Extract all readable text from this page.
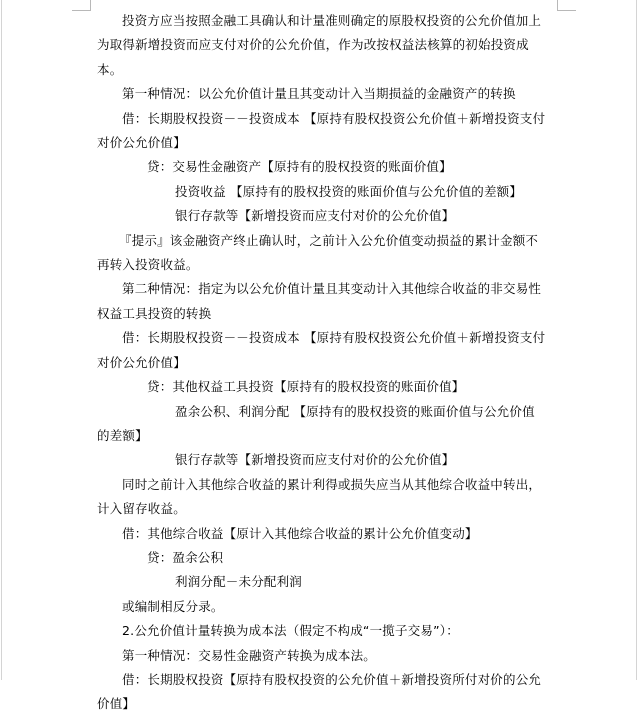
投资方应当按照金融工具确认和计量准则确定的原股权投资的公允价值加上为取得新增投资而应支付对价的公允价值，作为改按权益法核算的初始投资成本。

第一种情况：以公允价值计量且其变动计入当期损益的金融资产的转换

借：长期股权投资－－投资成本 【原持有股权投资公允价值＋新增投资支付对价公允价值】

贷：交易性金融资产【原持有的股权投资的账面价值】

投资收益 【原持有的股权投资的账面价值与公允价值的差额】

银行存款等【新增投资而应支付对价的公允价值】

『提示』该金融资产终止确认时，之前计入公允价值变动损益的累计金额不再转入投资收益。

第二种情况：指定为以公允价值计量且其变动计入其他综合收益的非交易性权益工具投资的转换

借：长期股权投资－－投资成本 【原持有股权投资公允价值＋新增投资支付对价公允价值】

贷：其他权益工具投资【原持有的股权投资的账面价值】

盈余公积、利润分配 【原持有的股权投资的账面价值与公允价值的差额】

银行存款等【新增投资而应支付对价的公允价值】

同时之前计入其他综合收益的累计利得或损失应当从其他综合收益中转出，计入留存收益。

借：其他综合收益【原计入其他综合收益的累计公允价值变动】

贷：盈余公积

利润分配－未分配利润

或编制相反分录。

2.公允价值计量转换为成本法（假定不构成“一揽子交易”）：

第一种情况：交易性金融资产转换为成本法。

借：长期股权投资【原持有股权投资的公允价值＋新增投资所付对价的公允价值】
